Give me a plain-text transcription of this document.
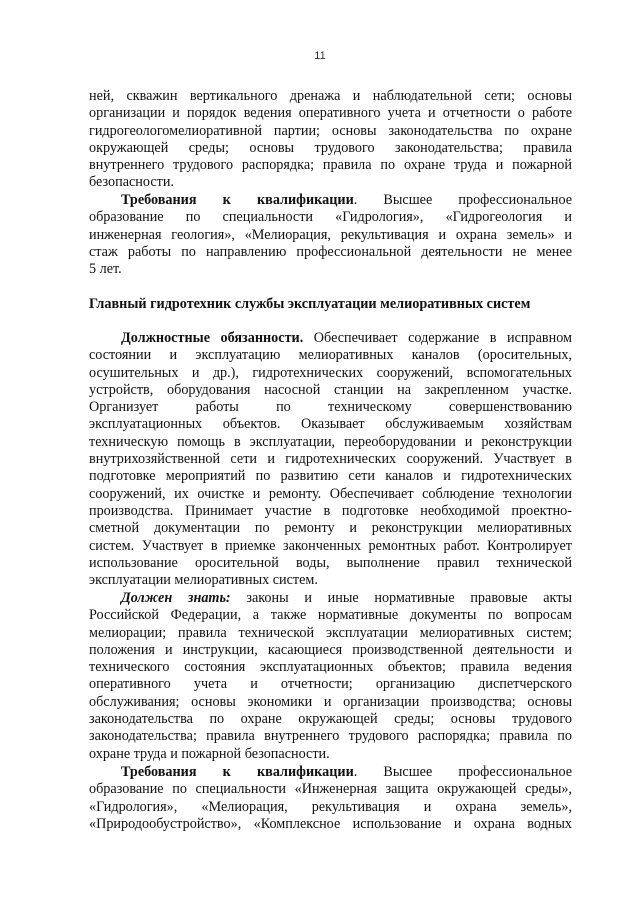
11
ней, скважин вертикального дренажа и наблюдательной сети; основы
организации и порядок ведения оперативного учета и отчетности о работе
гидрогеологомелиоративной партии; основы законодательства по охране
окружающей среды; основы трудового законодательства; правила
внутреннего трудового распорядка; правила по охране труда и пожарной
безопасности.
Требования к квалификации. Высшее профессиональное
образование по специальности «Гидрология», «Гидрогеология и
инженерная геология», «Мелиорация, рекультивация и охрана земель» и
стаж работы по направлению профессиональной деятельности не менее
5 лет.
Главный гидротехник службы эксплуатации мелиоративных систем
Должностные обязанности. Обеспечивает содержание в исправном
состоянии и эксплуатацию мелиоративных каналов (оросительных,
осушительных и др.), гидротехнических сооружений, вспомогательных
устройств, оборудования насосной станции на закрепленном участке.
Организует работы по техническому совершенствованию
эксплуатационных объектов. Оказывает обслуживаемым хозяйствам
техническую помощь в эксплуатации, переоборудовании и реконструкции
внутрихозяйственной сети и гидротехнических сооружений. Участвует в
подготовке мероприятий по развитию сети каналов и гидротехнических
сооружений, их очистке и ремонту. Обеспечивает соблюдение технологии
производства. Принимает участие в подготовке необходимой проектно-
сметной документации по ремонту и реконструкции мелиоративных
систем. Участвует в приемке законченных ремонтных работ. Контролирует
использование оросительной воды, выполнение правил технической
эксплуатации мелиоративных систем.
Должен знать: законы и иные нормативные правовые акты
Российской Федерации, а также нормативные документы по вопросам
мелиорации; правила технической эксплуатации мелиоративных систем;
положения и инструкции, касающиеся производственной деятельности и
технического состояния эксплуатационных объектов; правила ведения
оперативного учета и отчетности; организацию диспетчерского
обслуживания; основы экономики и организации производства; основы
законодательства по охране окружающей среды; основы трудового
законодательства; правила внутреннего трудового распорядка; правила по
охране труда и пожарной безопасности.
Требования к квалификации. Высшее профессиональное
образование по специальности «Инженерная защита окружающей среды»,
«Гидрология», «Мелиорация, рекультивация и охрана земель»,
«Природообустройство», «Комплексное использование и охрана водных
